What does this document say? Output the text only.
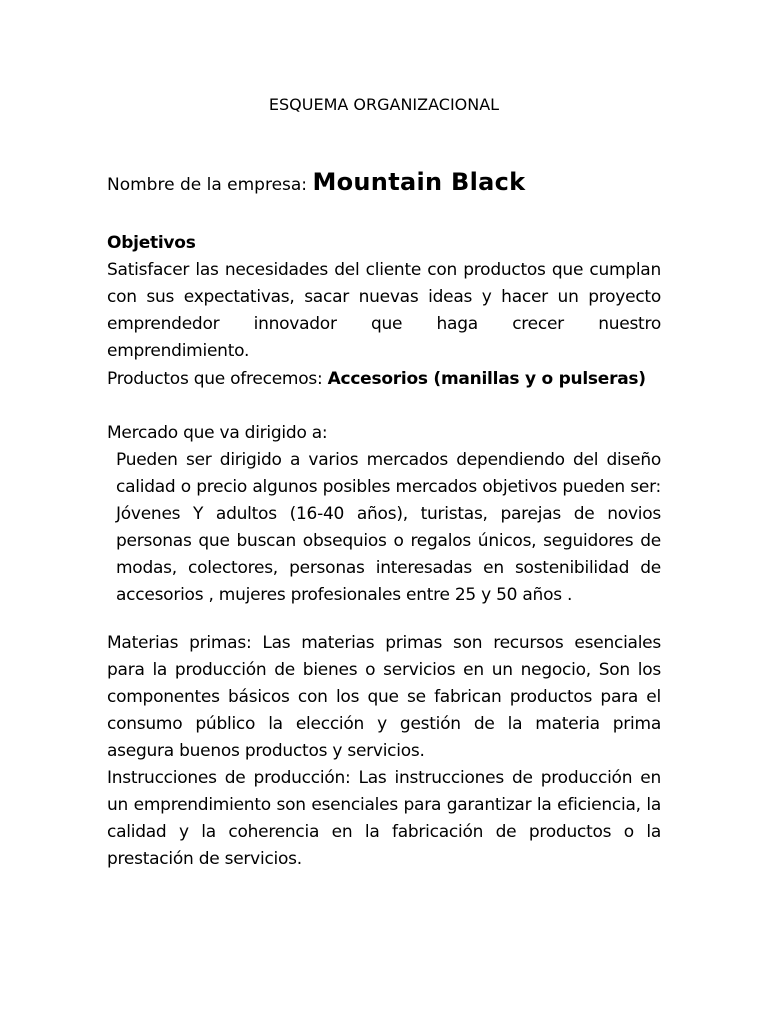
ESQUEMA ORGANIZACIONAL
Nombre de la empresa: Mountain Black

Objetivos

Satisfacer las necesidades del cliente con productos que cumplan con sus expectativas, sacar nuevas ideas y hacer un proyecto emprendedor innovador que haga crecer nuestro emprendimiento.

Productos que ofrecemos: Accesorios (manillas y o pulseras)

Mercado que va dirigido a:

Pueden ser dirigido a varios mercados dependiendo del diseño calidad o precio algunos posibles mercados objetivos pueden ser: Jóvenes Y adultos (16-40 años), turistas, parejas de novios personas que buscan obsequios o regalos únicos, seguidores de modas, colectores, personas interesadas en sostenibilidad de accesorios , mujeres profesionales entre 25 y 50 años .

Materias primas: Las materias primas son recursos esenciales para la producción de bienes o servicios en un negocio, Son los componentes básicos con los que se fabrican productos para el consumo público la elección y gestión de la materia prima asegura buenos productos y servicios.

Instrucciones de producción: Las instrucciones de producción en un emprendimiento son esenciales para garantizar la eficiencia, la calidad y la coherencia en la fabricación de productos o la prestación de servicios.
